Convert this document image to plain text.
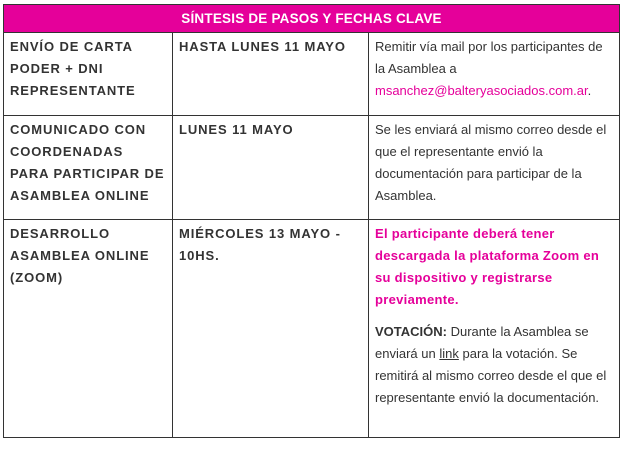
SÍNTESIS DE PASOS Y FECHAS CLAVE		
ENVÍO DE CARTA PODER + DNI REPRESENTANTE	HASTA LUNES 11 MAYO	Remitir vía mail por los participantes de la Asamblea a msanchez@balteryasociados.com.ar.
COMUNICADO CON COORDENADAS PARA PARTICIPAR DE ASAMBLEA ONLINE	LUNES 11 MAYO	Se les enviará al mismo correo desde el que el representante envió la documentación para participar de la Asamblea.
DESARROLLO ASAMBLEA ONLINE (ZOOM)	MIÉRCOLES 13 MAYO - 10HS.	El participante deberá tener descargada la plataforma Zoom en su dispositivo y registrarse previamente.
VOTACIÓN: Durante la Asamblea se enviará un link para la votación. Se remitirá al mismo correo desde el que el representante envió la documentación.
